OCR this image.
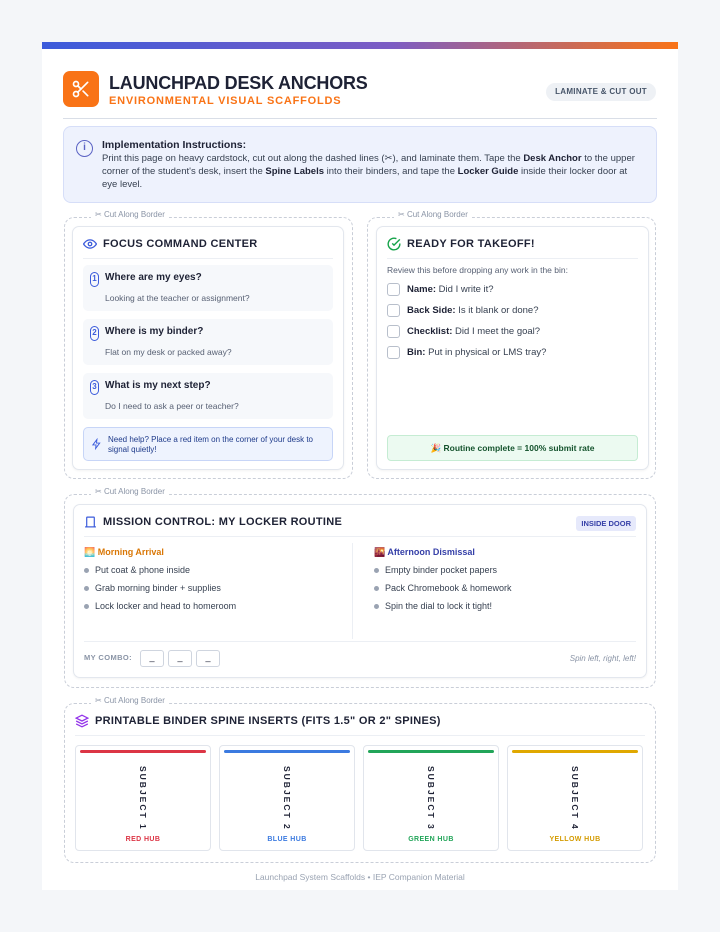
LAUNCHPAD DESK ANCHORS
ENVIRONMENTAL VISUAL SCAFFOLDS
LAMINATE & CUT OUT
i	Implementation Instructions:
Print this page on heavy cardstock, cut out along the dashed lines (✂), and laminate them. Tape the Desk Anchor to the upper corner of the student's desk, insert the Spine Labels into their binders, and tape the Locker Guide inside their locker door at eye level.
✂ Cut Along Border
FOCUS COMMAND CENTER
1 Where are my eyes?
Looking at the teacher or assignment?
2 Where is my binder?
Flat on my desk or packed away?
3 What is my next step?
Do I need to ask a peer or teacher?
Need help? Place a red item on the corner of your desk to signal quietly!
✂ Cut Along Border
READY FOR TAKEOFF!
Review this before dropping any work in the bin:
Name: Did I write it?
Back Side: Is it blank or done?
Checklist: Did I meet the goal?
Bin: Put in physical or LMS tray?
🎉 Routine complete = 100% submit rate
✂ Cut Along Border
MISSION CONTROL: MY LOCKER ROUTINE	INSIDE DOOR
🌅 Morning Arrival
Put coat & phone inside
Grab morning binder + supplies
Lock locker and head to homeroom
🌇 Afternoon Dismissal
Empty binder pocket papers
Pack Chromebook & homework
Spin the dial to lock it tight!
MY COMBO:	_	_	_	Spin left, right, left!
✂ Cut Along Border
PRINTABLE BINDER SPINE INSERTS (FITS 1.5" OR 2" SPINES)
SUBJECT 1
RED HUB
SUBJECT 2
BLUE HUB
SUBJECT 3
GREEN HUB
SUBJECT 4
YELLOW HUB
Launchpad System Scaffolds • IEP Companion Material
